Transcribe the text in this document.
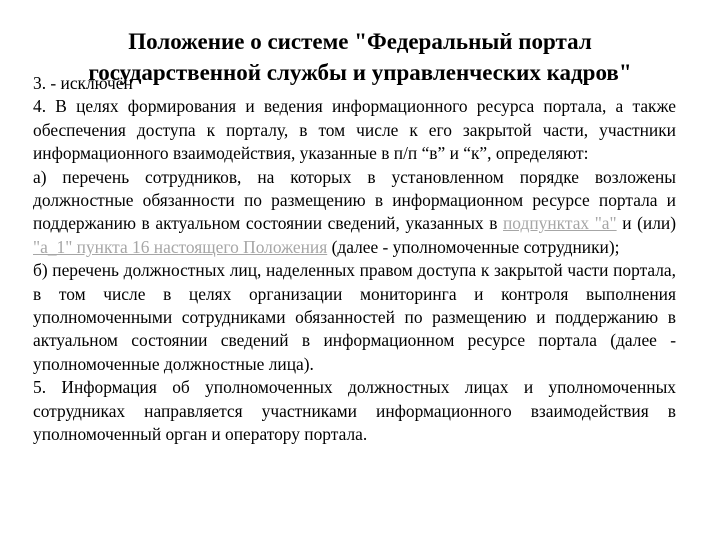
Положение о системе "Федеральный портал
государственной службы и управленческих кадров"

3. - исключён

4. В целях формирования и ведения информационного ресурса портала, а также обеспечения доступа к порталу, в том числе к его закрытой части, участники информационного взаимодействия, указанные в п/п “в” и “к”, определяют:

а) перечень сотрудников, на которых в установленном порядке возложены должностные обязанности по размещению в информационном ресурсе портала и поддержанию в актуальном состоянии сведений, указанных в подпунктах "а" и (или) "а_1" пункта 16 настоящего Положения (далее - уполномоченные сотрудники);

б) перечень должностных лиц, наделенных правом доступа к закрытой части портала, в том числе в целях организации мониторинга и контроля выполнения уполномоченными сотрудниками обязанностей по размещению и поддержанию в актуальном состоянии сведений в информационном ресурсе портала (далее - уполномоченные должностные лица).

5. Информация об уполномоченных должностных лицах и уполномоченных сотрудниках направляется участниками информационного взаимодействия в уполномоченный орган и оператору портала.
